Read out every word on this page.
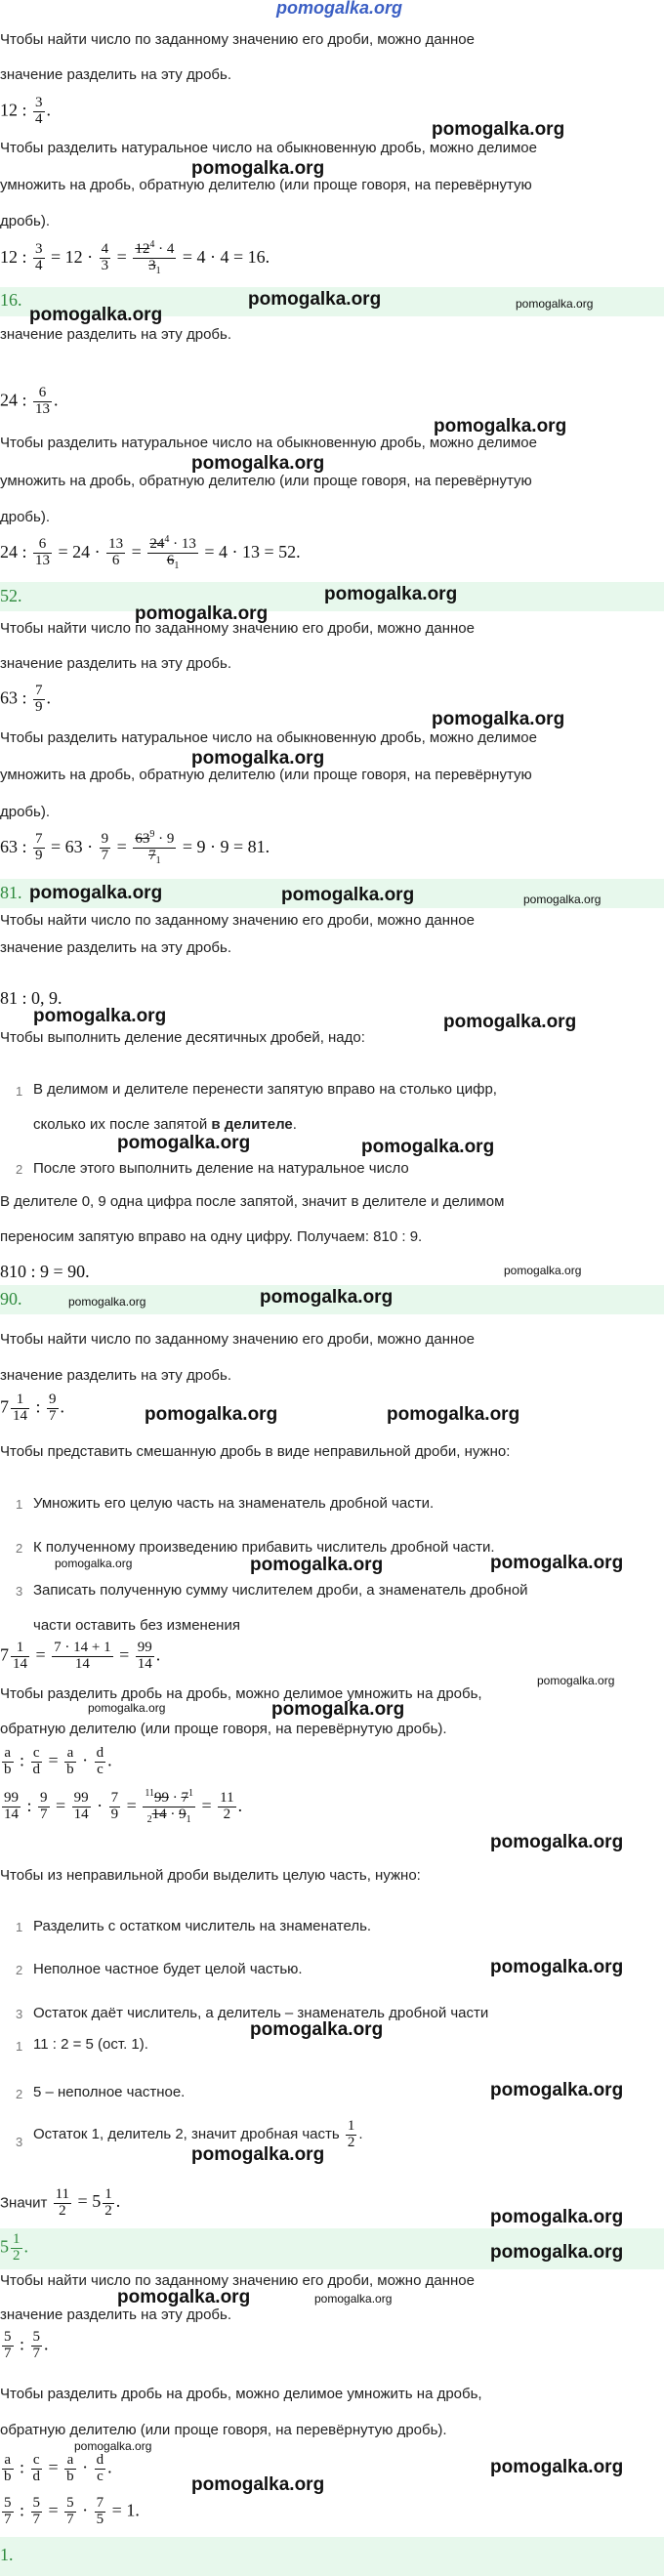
pomogalka.org
Чтобы найти число по заданному значению его дроби, можно данное
значение разделить на эту дробь.
12 : $\frac{3}{4}$ .
pomogalka.org
Чтобы разделить натуральное число на обыкновенную дробь, можно делимое
pomogalka.org
умножить на дробь, обратную делителю (или проще говоря, на перевёрнутую
дробь).
12 : $\frac{3}{4} = 12 \cdot \frac{4}{3} = \frac{12^4 \cdot 4}{3_1} = 4 \cdot 4 = 16$.
16.
pomogalka.org
pomogalka.org	pomogalka.org
значение разделить на эту дробь.
24 : $\frac{6}{13}$ .
pomogalka.org
Чтобы разделить натуральное число на обыкновенную дробь, можно делимое
pomogalka.org
умножить на дробь, обратную делителю (или проще говоря, на перевёрнутую
дробь).
24 : $\frac{6}{13} = 24 \cdot \frac{13}{6} = \frac{24^4 \cdot 13}{6_1} = 4 \cdot 13 = 52$.
52.	pomogalka.org
pomogalka.org
Чтобы найти число по заданному значению его дроби, можно данное
значение разделить на эту дробь.
63 : $\frac{7}{9}$ .
pomogalka.org
Чтобы разделить натуральное число на обыкновенную дробь, можно делимое
pomogalka.org
умножить на дробь, обратную делителю (или проще говоря, на перевёрнутую
дробь).
63 : $\frac{7}{9} = 63 \cdot \frac{9}{7} = \frac{63^9 \cdot 9}{7_1} = 9 \cdot 9 = 81$.
81. pomogalka.org	pomogalka.org	pomogalka.org
Чтобы найти число по заданному значению его дроби, можно данное
значение разделить на эту дробь.
81 : 0, 9.
pomogalka.org	pomogalka.org
Чтобы выполнить деление десятичных дробей, надо:
1 В делимом и делителе перенести запятую вправо на столько цифр,
сколько их после запятой в делителе.
pomogalka.org	pomogalka.org
2 После этого выполнить деление на натуральное число
В делителе 0, 9 одна цифра после запятой, значит в делителе и делимом
переносим запятую вправо на одну цифру. Получаем: 810 : 9.
810 : 9 = 90.	pomogalka.org
90.	pomogalka.org	pomogalka.org
Чтобы найти число по заданному значению его дроби, можно данное
значение разделить на эту дробь.
$7 \frac{1}{14}$ : $\frac{9}{7}$ .	pomogalka.org	pomogalka.org
Чтобы представить смешанную дробь в виде неправильной дроби, нужно:
1 Умножить его целую часть на знаменатель дробной части.
2 К полученному произведению прибавить числитель дробной части.
pomogalka.org	pomogalka.org	pomogalka.org
3 Записать полученную сумму числителем дроби, а знаменатель дробной
части оставить без изменения
$7 \frac{1}{14} = \frac{7 \cdot 14 + 1}{14} = \frac{99}{14}$ .
pomogalka.org
Чтобы разделить дробь на дробь, можно делимое умножить на дробь,
pomogalka.org	pomogalka.org
обратную делителю (или проще говоря, на перевёрнутую дробь).
$\frac{a}{b}$ : $\frac{c}{d} = \frac{a}{b} \cdot \frac{d}{c}$ .
$\frac{99}{14}$ : $\frac{9}{7} = \frac{99}{14} \cdot \frac{7}{9} = \frac{^{11}99 \cdot 7^1}{_214 \cdot 9_1} = \frac{11}{2}$ .
pomogalka.org
Чтобы из неправильной дроби выделить целую часть, нужно:
1 Разделить с остатком числитель на знаменатель.
2 Неполное частное будет целой частью.	pomogalka.org
3 Остаток даёт числитель, а делитель – знаменатель дробной части
pomogalka.org
1 11 : 2 = 5 (ост. 1).
2 5 – неполное частное.	pomogalka.org
3 Остаток 1, делитель 2, значит дробная часть $\frac{1}{2}$ .
pomogalka.org
Значит $\frac{11}{2} = 5 \frac{1}{2}$ .
pomogalka.org
$5 \frac{1}{2}$ .	pomogalka.org
Чтобы найти число по заданному значению его дроби, можно данное
pomogalka.org	pomogalka.org
значение разделить на эту дробь.
$\frac{5}{7}$ : $\frac{5}{7}$ .
Чтобы разделить дробь на дробь, можно делимое умножить на дробь,
обратную делителю (или проще говоря, на перевёрнутую дробь).
pomogalka.org
$\frac{a}{b}$ : $\frac{c}{d} = \frac{a}{b} \cdot \frac{d}{c}$ .	pomogalka.org
pomogalka.org
$\frac{5}{7}$ : $\frac{5}{7} = \frac{5}{7} \cdot \frac{7}{5} = 1$.
1.
